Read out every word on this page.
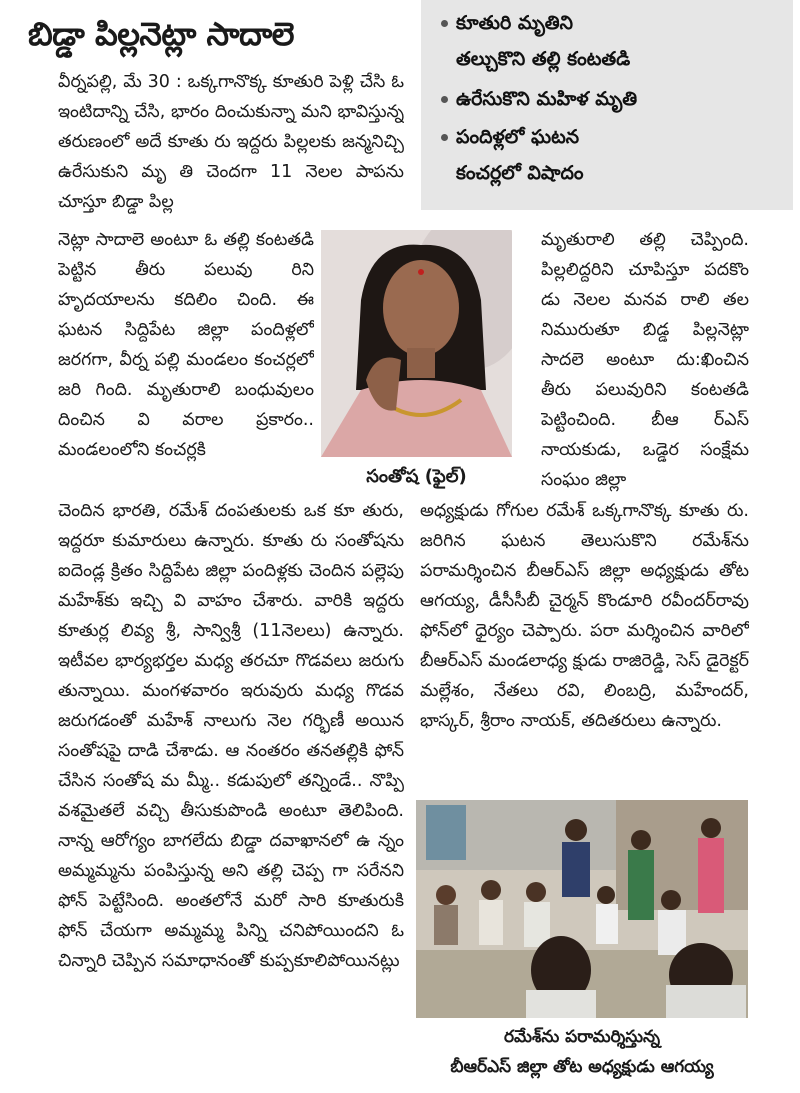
బిడ్డా పిల్లనెట్లా సాదాలె	కూతురి మృతిని
తల్చుకొని తల్లి కంటతడి
ఉరేసుకొని మహిళ మృతి
పందిళ్లలో ఘటన
కంచర్లలో విషాదం

వీర్నపల్లి, మే 30 : ఒక్కగానొక్క కూతురి పెళ్లి చేసి ఓ ఇంటిదాన్ని చేసి, భారం దించుకున్నా మని భావిస్తున్న తరుణంలో అదే కూతు రు ఇద్దరు పిల్లలకు జన్మనిచ్చి ఉరేసుకుని మృ తి చెందగా 11 నెలల పాపను చూస్తూ బిడ్డా పిల్ల

నెట్లా సాదాలె అంటూ ఓ తల్లి కంటతడి పెట్టిన తీరు పలువు రిని హృదయాలను కదిలిం చింది. ఈ ఘటన సిద్దిపేట జిల్లా పందిళ్లలో జరగగా, వీర్న పల్లి మండలం కంచర్లలో జరి గింది. మృతురాలి బంధువులం దించిన వి వరాల ప్రకారం.. మండలంలోని కంచర్లకి

సంతోష (ఫైల్)

మృతురాలి తల్లి చెప్పింది. పిల్లలిద్దరిని చూపిస్తూ పదకొం డు నెలల మనవ రాలి తల నిమురుతూ బిడ్డ పిల్లనెట్లా సాదలె అంటూ దు:ఖించిన తీరు పలువురిని కంటతడి పెట్టించింది. బీఆ ర్ఎస్ నాయకుడు, ఒడ్డెర సంక్షేమ సంఘం జిల్లా

చెందిన భారతి, రమేశ్ దంపతులకు ఒక కూ తురు, ఇద్దరూ కుమారులు ఉన్నారు. కూతు రు సంతోషను ఐదెండ్ల క్రితం సిద్దిపేట జిల్లా పందిళ్లకు చెందిన పల్లెపు మహేశ్‌కు ఇచ్చి వి వాహం చేశారు. వారికి ఇద్దరు కూతుర్ల లివ్య శ్రీ, సాన్విశ్రీ (11నెలలు) ఉన్నారు. ఇటీవల భార్యభర్తల మధ్య తరచూ గొడవలు జరుగు తున్నాయి. మంగళవారం ఇరువురు మధ్య గొడవ జరుగడంతో మహేశ్ నాలుగు నెల గర్భిణీ అయిన సంతోషపై దాడి చేశాడు. ఆ నంతరం తనతల్లికి ఫోన్ చేసిన సంతోష మ మ్మీ.. కడుపులో తన్నిండే.. నొప్పి వశమైతలే వచ్చి తీసుకుపొండి అంటూ తెలిపింది. నాన్న ఆరోగ్యం బాగలేదు బిడ్డా దవాఖానలో ఉ న్నం అమ్మమ్మను పంపిస్తున్న అని తల్లి చెప్ప గా సరేనని ఫోన్ పెట్టేసింది. అంతలోనే మరో సారి కూతురుకి ఫోన్ చేయగా అమ్మమ్మ పిన్ని చనిపోయిందని ఓ చిన్నారి చెప్పిన సమాధానంతో కుప్పకూలిపోయినట్లు

అధ్యక్షుడు గోగుల రమేశ్ ఒక్కగానొక్క కూతు రు. జరిగిన ఘటన తెలుసుకొని రమేశ్‌ను పరామర్శించిన బీఆర్ఎస్ జిల్లా అధ్యక్షుడు తోట ఆగయ్య, డీసీసీబీ చైర్మన్ కొండూరి రవీందర్‌రావు ఫోన్‌లో ధైర్యం చెప్పారు. పరా మర్శించిన వారిలో బీఆర్ఎస్ మండలాధ్య క్షుడు రాజిరెడ్డి, సెస్ డైరెక్టర్ మల్లేశం, నేతలు రవి, లింబద్రి, మహేందర్, భాస్కర్, శ్రీరాం నాయక్, తదితరులు ఉన్నారు.

రమేశ్‌ను పరామర్శిస్తున్న
బీఆర్ఎస్ జిల్లా తోట అధ్యక్షుడు ఆగయ్య
